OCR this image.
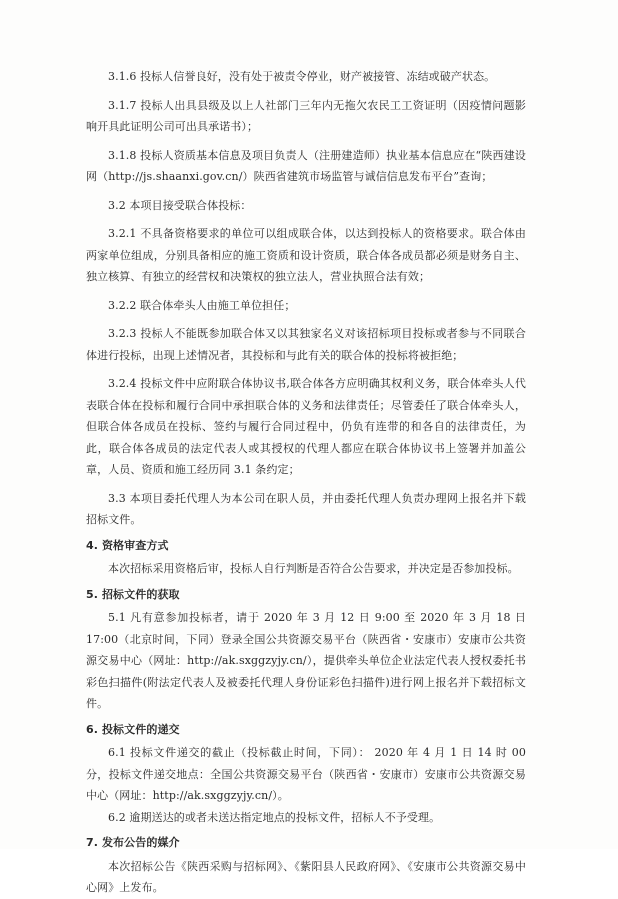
3.1.6 投标人信誉良好，没有处于被责令停业，财产被接管、冻结或破产状态。

3.1.7 投标人出具县级及以上人社部门三年内无拖欠农民工工资证明（因疫情问题影响开具此证明公司可出具承诺书）；

3.1.8 投标人资质基本信息及项目负责人（注册建造师）执业基本信息应在“陕西建设网（http://js.shaanxi.gov.cn/）陕西省建筑市场监管与诚信信息发布平台”查询；

3.2 本项目接受联合体投标：

3.2.1 不具备资格要求的单位可以组成联合体，以达到投标人的资格要求。联合体由两家单位组成，分别具备相应的施工资质和设计资质，联合体各成员都必须是财务自主、独立核算、有独立的经营权和决策权的独立法人，营业执照合法有效；

3.2.2 联合体牵头人由施工单位担任；

3.2.3 投标人不能既参加联合体又以其独家名义对该招标项目投标或者参与不同联合体进行投标，出现上述情况者，其投标和与此有关的联合体的投标将被拒绝；

3.2.4 投标文件中应附联合体协议书,联合体各方应明确其权利义务，联合体牵头人代表联合体在投标和履行合同中承担联合体的义务和法律责任；尽管委任了联合体牵头人，但联合体各成员在投标、签约与履行合同过程中，仍负有连带的和各自的法律责任，为此，联合体各成员的法定代表人或其授权的代理人都应在联合体协议书上签署并加盖公章，人员、资质和施工经历同 3.1 条约定；

3.3 本项目委托代理人为本公司在职人员，并由委托代理人负责办理网上报名并下载招标文件。

4. 资格审查方式

本次招标采用资格后审，投标人自行判断是否符合公告要求，并决定是否参加投标。

5. 招标文件的获取

5.1 凡有意参加投标者，请于 2020 年 3 月 12 日 9:00 至 2020 年 3 月 18 日 17:00（北京时间，下同）登录全国公共资源交易平台（陕西省・安康市）安康市公共资源交易中心（网址：http://ak.sxggzyjy.cn/），提供牵头单位企业法定代表人授权委托书彩色扫描件(附法定代表人及被委托代理人身份证彩色扫描件)进行网上报名并下载招标文件。

6. 投标文件的递交

6.1 投标文件递交的截止（投标截止时间，下同）： 2020 年 4 月 1 日 14 时 00 分，投标文件递交地点：全国公共资源交易平台（陕西省・安康市）安康市公共资源交易中心（网址：http://ak.sxggzyjy.cn/）。

6.2 逾期送达的或者未送达指定地点的投标文件，招标人不予受理。

7. 发布公告的媒介

本次招标公告《陕西采购与招标网》、《紫阳县人民政府网》、《安康市公共资源交易中心网》上发布。
